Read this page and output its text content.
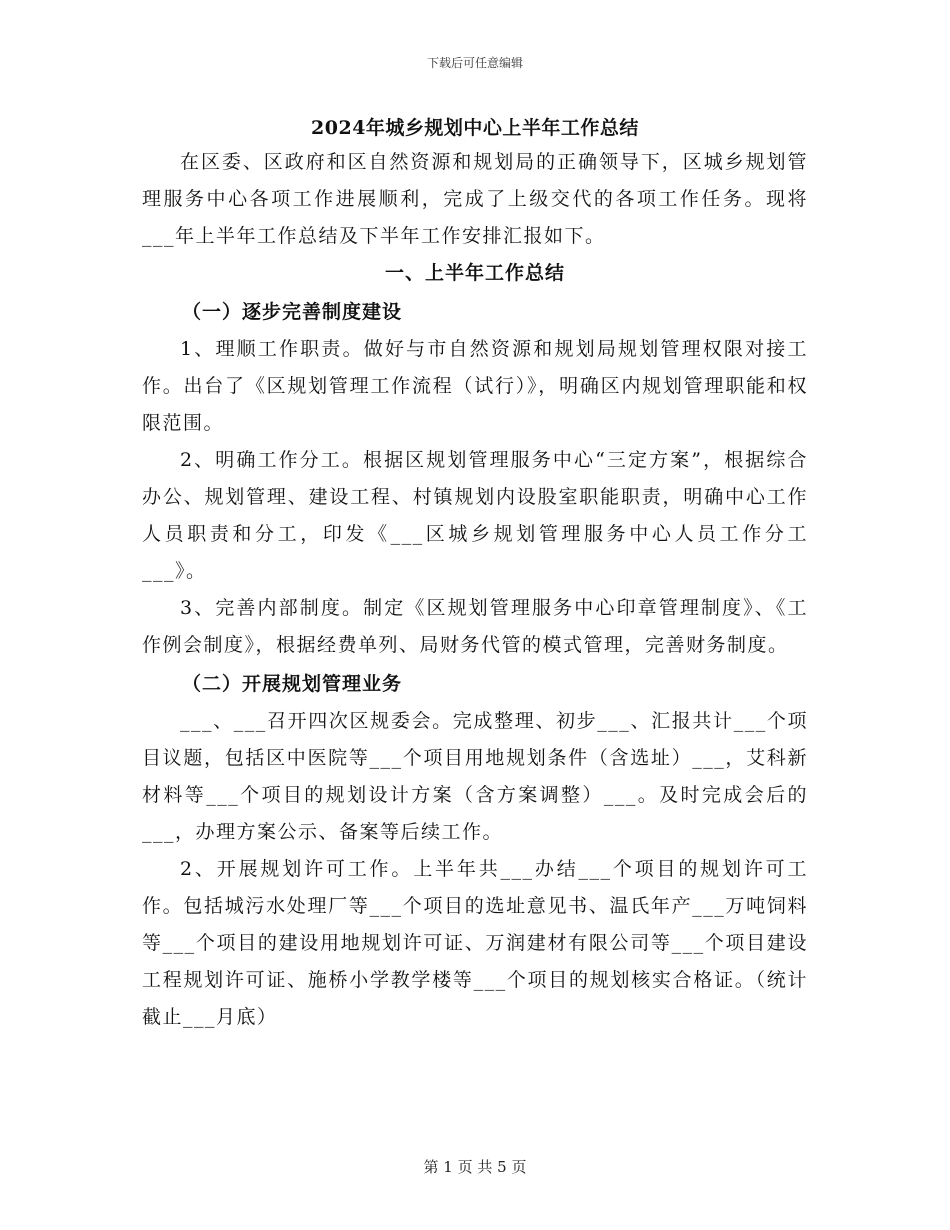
下载后可任意编辑
2024年城乡规划中心上半年工作总结

在区委、区政府和区自然资源和规划局的正确领导下，区城乡规划管理服务中心各项工作进展顺利，完成了上级交代的各项工作任务。现将___年上半年工作总结及下半年工作安排汇报如下。

一、上半年工作总结
（一）逐步完善制度建设

1、理顺工作职责。做好与市自然资源和规划局规划管理权限对接工作。出台了《区规划管理工作流程（试行）》，明确区内规划管理职能和权限范围。

2、明确工作分工。根据区规划管理服务中心“三定方案”，根据综合办公、规划管理、建设工程、村镇规划内设股室职能职责，明确中心工作人员职责和分工，印发《___区城乡规划管理服务中心人员工作分工___》。

3、完善内部制度。制定《区规划管理服务中心印章管理制度》、《工作例会制度》，根据经费单列、局财务代管的模式管理，完善财务制度。

（二）开展规划管理业务

___、___召开四次区规委会。完成整理、初步___、汇报共计___个项目议题，包括区中医院等___个项目用地规划条件（含选址）___，艾科新材料等___个项目的规划设计方案（含方案调整）___。及时完成会后的___，办理方案公示、备案等后续工作。

2、开展规划许可工作。上半年共___办结___个项目的规划许可工作。包括城污水处理厂等___个项目的选址意见书、温氏年产___万吨饲料等___个项目的建设用地规划许可证、万润建材有限公司等___个项目建设工程规划许可证、施桥小学教学楼等___个项目的规划核实合格证。（统计截止___月底）

第 1 页 共 5 页
